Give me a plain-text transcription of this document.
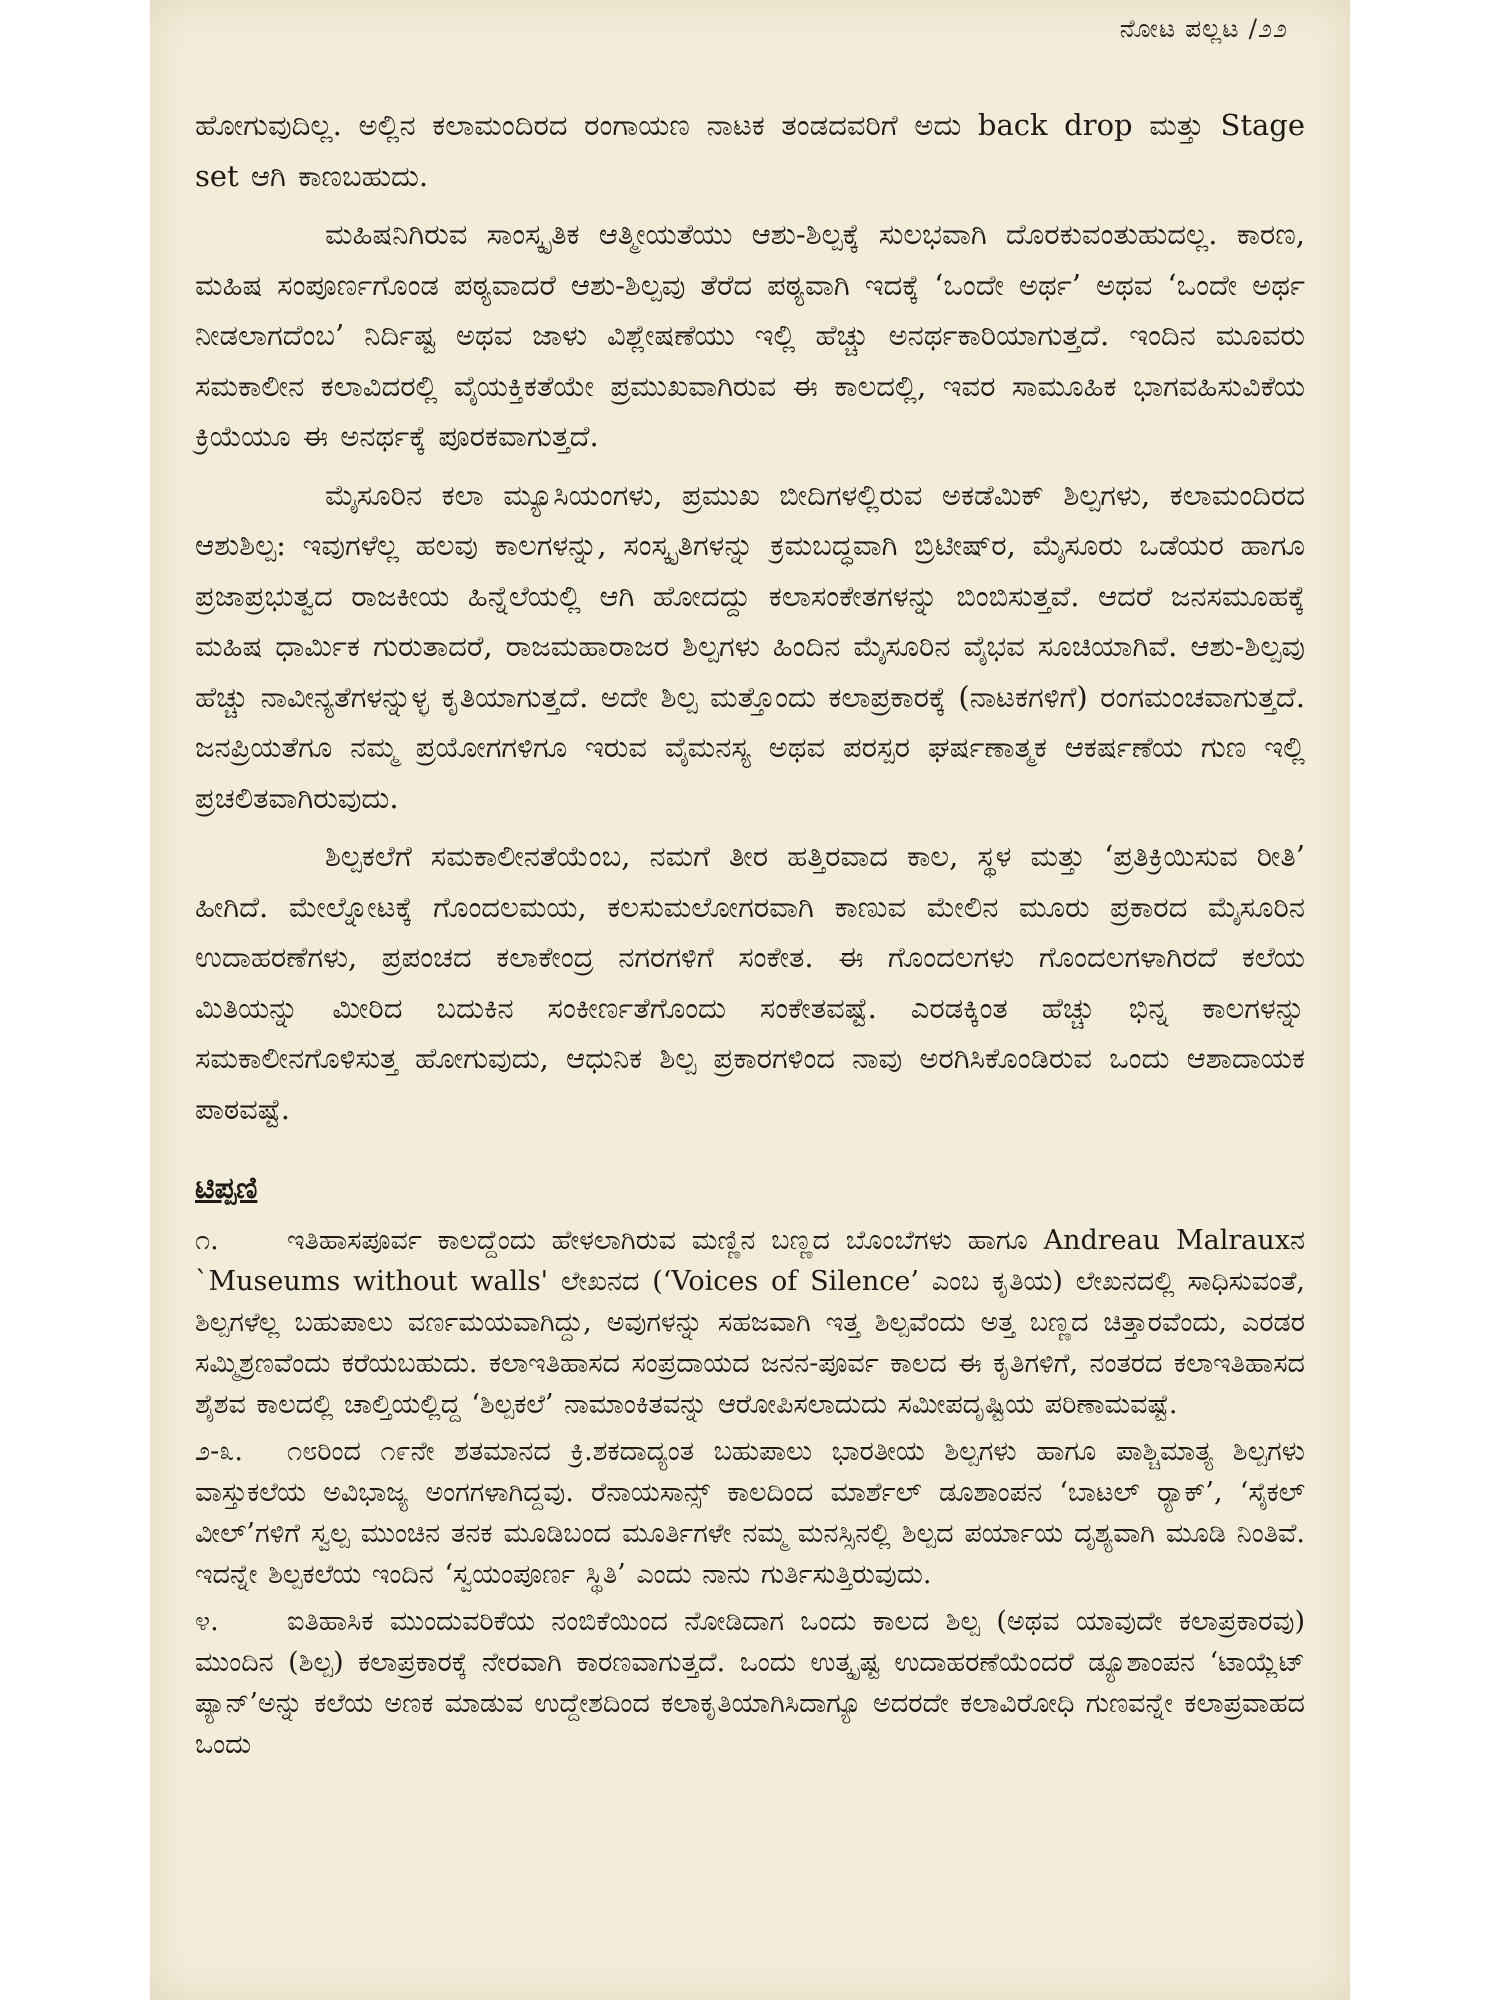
ನೋಟ ಪಲ್ಲಟ /೨೨

ಹೋಗುವುದಿಲ್ಲ. ಅಲ್ಲಿನ ಕಲಾಮಂದಿರದ ರಂಗಾಯಣ ನಾಟಕ ತಂಡದವರಿಗೆ ಅದು back drop ಮತ್ತು Stage set ಆಗಿ ಕಾಣಬಹುದು.

ಮಹಿಷನಿಗಿರುವ ಸಾಂಸ್ಕೃತಿಕ ಆತ್ಮೀಯತೆಯು ಆಶು-ಶಿಲ್ಪಕ್ಕೆ ಸುಲಭವಾಗಿ ದೊರಕುವಂತುಹುದಲ್ಲ. ಕಾರಣ, ಮಹಿಷ ಸಂಪೂರ್ಣಗೊಂಡ ಪಠ್ಯವಾದರೆ ಆಶು-ಶಿಲ್ಪವು ತೆರೆದ ಪಠ್ಯವಾಗಿ ಇದಕ್ಕೆ ‘ಒಂದೇ ಅರ್ಥ’ ಅಥವ ‘ಒಂದೇ ಅರ್ಥ ನೀಡಲಾಗದೆಂಬ’ ನಿರ್ದಿಷ್ಟ ಅಥವ ಜಾಳು ವಿಶ್ಲೇಷಣೆಯು ಇಲ್ಲಿ ಹೆಚ್ಚು ಅನರ್ಥಕಾರಿಯಾಗುತ್ತದೆ. ಇಂದಿನ ಮೂವರು ಸಮಕಾಲೀನ ಕಲಾವಿದರಲ್ಲಿ ವೈಯಕ್ತಿಕತೆಯೇ ಪ್ರಮುಖವಾಗಿರುವ ಈ ಕಾಲದಲ್ಲಿ, ಇವರ ಸಾಮೂಹಿಕ ಭಾಗವಹಿಸುವಿಕೆಯ ಕ್ರಿಯೆಯೂ ಈ ಅನರ್ಥಕ್ಕೆ ಪೂರಕವಾಗುತ್ತದೆ.

ಮೈಸೂರಿನ ಕಲಾ ಮ್ಯೂಸಿಯಂಗಳು, ಪ್ರಮುಖ ಬೀದಿಗಳಲ್ಲಿರುವ ಅಕಡೆಮಿಕ್ ಶಿಲ್ಪಗಳು, ಕಲಾಮಂದಿರದ ಆಶುಶಿಲ್ಪ: ಇವುಗಳೆಲ್ಲ ಹಲವು ಕಾಲಗಳನ್ನು, ಸಂಸ್ಕೃತಿಗಳನ್ನು ಕ್ರಮಬದ್ಧವಾಗಿ ಬ್ರಿಟೀಷ್‌ರ, ಮೈಸೂರು ಒಡೆಯರ ಹಾಗೂ ಪ್ರಜಾಪ್ರಭುತ್ವದ ರಾಜಕೀಯ ಹಿನ್ನೆಲೆಯಲ್ಲಿ ಆಗಿ ಹೋದದ್ದು ಕಲಾಸಂಕೇತಗಳನ್ನು ಬಿಂಬಿಸುತ್ತವೆ. ಆದರೆ ಜನಸಮೂಹಕ್ಕೆ ಮಹಿಷ ಧಾರ್ಮಿಕ ಗುರುತಾದರೆ, ರಾಜಮಹಾರಾಜರ ಶಿಲ್ಪಗಳು ಹಿಂದಿನ ಮೈಸೂರಿನ ವೈಭವ ಸೂಚಿಯಾಗಿವೆ. ಆಶು-ಶಿಲ್ಪವು ಹೆಚ್ಚು ನಾವೀನ್ಯತೆಗಳನ್ನುಳ್ಳ ಕೃತಿಯಾಗುತ್ತದೆ. ಅದೇ ಶಿಲ್ಪ ಮತ್ತೊಂದು ಕಲಾಪ್ರಕಾರಕ್ಕೆ (ನಾಟಕಗಳಿಗೆ) ರಂಗಮಂಚವಾಗುತ್ತದೆ. ಜನಪ್ರಿಯತೆಗೂ ನಮ್ಮ ಪ್ರಯೋಗಗಳಿಗೂ ಇರುವ ವೈಮನಸ್ಯ ಅಥವ ಪರಸ್ಪರ ಘರ್ಷಣಾತ್ಮಕ ಆಕರ್ಷಣೆಯ ಗುಣ ಇಲ್ಲಿ ಪ್ರಚಲಿತವಾಗಿರುವುದು.

ಶಿಲ್ಪಕಲೆಗೆ ಸಮಕಾಲೀನತೆಯೆಂಬ, ನಮಗೆ ತೀರ ಹತ್ತಿರವಾದ ಕಾಲ, ಸ್ಥಳ ಮತ್ತು ‘ಪ್ರತಿಕ್ರಿಯಿಸುವ ರೀತಿ’ ಹೀಗಿದೆ. ಮೇಲ್ನೋಟಕ್ಕೆ ಗೊಂದಲಮಯ, ಕಲಸುಮಲೋಗರವಾಗಿ ಕಾಣುವ ಮೇಲಿನ ಮೂರು ಪ್ರಕಾರದ ಮೈಸೂರಿನ ಉದಾಹರಣೆಗಳು, ಪ್ರಪಂಚದ ಕಲಾಕೇಂದ್ರ ನಗರಗಳಿಗೆ ಸಂಕೇತ. ಈ ಗೊಂದಲಗಳು ಗೊಂದಲಗಳಾಗಿರದೆ ಕಲೆಯ ಮಿತಿಯನ್ನು ಮೀರಿದ ಬದುಕಿನ ಸಂಕೀರ್ಣತೆಗೊಂದು ಸಂಕೇತವಷ್ಟೆ. ಎರಡಕ್ಕಿಂತ ಹೆಚ್ಚು ಭಿನ್ನ ಕಾಲಗಳನ್ನು ಸಮಕಾಲೀನಗೊಳಿಸುತ್ತ ಹೋಗುವುದು, ಆಧುನಿಕ ಶಿಲ್ಪ ಪ್ರಕಾರಗಳಿಂದ ನಾವು ಅರಗಿಸಿಕೊಂಡಿರುವ ಒಂದು ಆಶಾದಾಯಕ ಪಾಠವಷ್ಟೆ.

ಟಿಪ್ಪಣಿ

೧.	ಇತಿಹಾಸಪೂರ್ವ ಕಾಲದ್ದೆಂದು ಹೇಳಲಾಗಿರುವ ಮಣ್ಣಿನ ಬಣ್ಣದ ಬೊಂಬೆಗಳು ಹಾಗೂ Andreau Malrauxನ `Museums without walls' ಲೇಖನದ (‘Voices of Silence’ ಎಂಬ ಕೃತಿಯ) ಲೇಖನದಲ್ಲಿ ಸಾಧಿಸುವಂತೆ, ಶಿಲ್ಪಗಳೆಲ್ಲ ಬಹುಪಾಲು ವರ್ಣಮಯವಾಗಿದ್ದು, ಅವುಗಳನ್ನು ಸಹಜವಾಗಿ ಇತ್ತ ಶಿಲ್ಪವೆಂದು ಅತ್ತ ಬಣ್ಣದ ಚಿತ್ತಾರವೆಂದು, ಎರಡರ ಸಮ್ಮಿಶ್ರಣವೆಂದು ಕರೆಯಬಹುದು. ಕಲಾಇತಿಹಾಸದ ಸಂಪ್ರದಾಯದ ಜನನ-ಪೂರ್ವ ಕಾಲದ ಈ ಕೃತಿಗಳಿಗೆ, ನಂತರದ ಕಲಾಇತಿಹಾಸದ ಶೈಶವ ಕಾಲದಲ್ಲಿ ಚಾಲ್ತಿಯಲ್ಲಿದ್ದ ‘ಶಿಲ್ಪಕಲೆ’ ನಾಮಾಂಕಿತವನ್ನು ಆರೋಪಿಸಲಾದುದು ಸಮೀಪದೃಷ್ಟಿಯ ಪರಿಣಾಮವಷ್ಟೆ.

೨-೩. ೧೮ರಿಂದ ೧೯ನೇ ಶತಮಾನದ ಕ್ರಿ.ಶಕದಾದ್ಯಂತ ಬಹುಪಾಲು ಭಾರತೀಯ ಶಿಲ್ಪಗಳು ಹಾಗೂ ಪಾಶ್ಚಿಮಾತ್ಯ ಶಿಲ್ಪಗಳು ವಾಸ್ತುಕಲೆಯ ಅವಿಭಾಜ್ಯ ಅಂಗಗಳಾಗಿದ್ದವು. ರೆನಾಯಸಾನ್ಸ್ ಕಾಲದಿಂದ ಮಾರ್ಶೆಲ್ ಡೂಶಾಂಪನ ‘ಬಾಟಲ್ ರ‍್ಯಾಕ್’, ‘ಸೈಕಲ್ ವೀಲ್’ಗಳಿಗೆ ಸ್ವಲ್ಪ ಮುಂಚಿನ ತನಕ ಮೂಡಿಬಂದ ಮೂರ್ತಿಗಳೇ ನಮ್ಮ ಮನಸ್ಸಿನಲ್ಲಿ ಶಿಲ್ಪದ ಪರ್ಯಾಯ ದೃಶ್ಯವಾಗಿ ಮೂಡಿ ನಿಂತಿವೆ. ಇದನ್ನೇ ಶಿಲ್ಪಕಲೆಯ ಇಂದಿನ ‘ಸ್ವಯಂಪೂರ್ಣ ಸ್ಥಿತಿ’ ಎಂದು ನಾನು ಗುರ್ತಿಸುತ್ತಿರುವುದು.

೪.	ಐತಿಹಾಸಿಕ ಮುಂದುವರಿಕೆಯ ನಂಬಿಕೆಯಿಂದ ನೋಡಿದಾಗ ಒಂದು ಕಾಲದ ಶಿಲ್ಪ (ಅಥವ ಯಾವುದೇ ಕಲಾಪ್ರಕಾರವು) ಮುಂದಿನ (ಶಿಲ್ಪ) ಕಲಾಪ್ರಕಾರಕ್ಕೆ ನೇರವಾಗಿ ಕಾರಣವಾಗುತ್ತದೆ. ಒಂದು ಉತ್ಕೃಷ್ಟ ಉದಾಹರಣೆಯೆಂದರೆ ಡ್ಯೂಶಾಂಪನ ‘ಟಾಯ್ಲೆಟ್ ಪ್ಯಾನ್’ಅನ್ನು ಕಲೆಯ ಅಣಕ ಮಾಡುವ ಉದ್ದೇಶದಿಂದ ಕಲಾಕೃತಿಯಾಗಿಸಿದಾಗ್ಯೂ ಅದರದೇ ಕಲಾವಿರೋಧಿ ಗುಣವನ್ನೇ ಕಲಾಪ್ರವಾಹದ ಒಂದು
